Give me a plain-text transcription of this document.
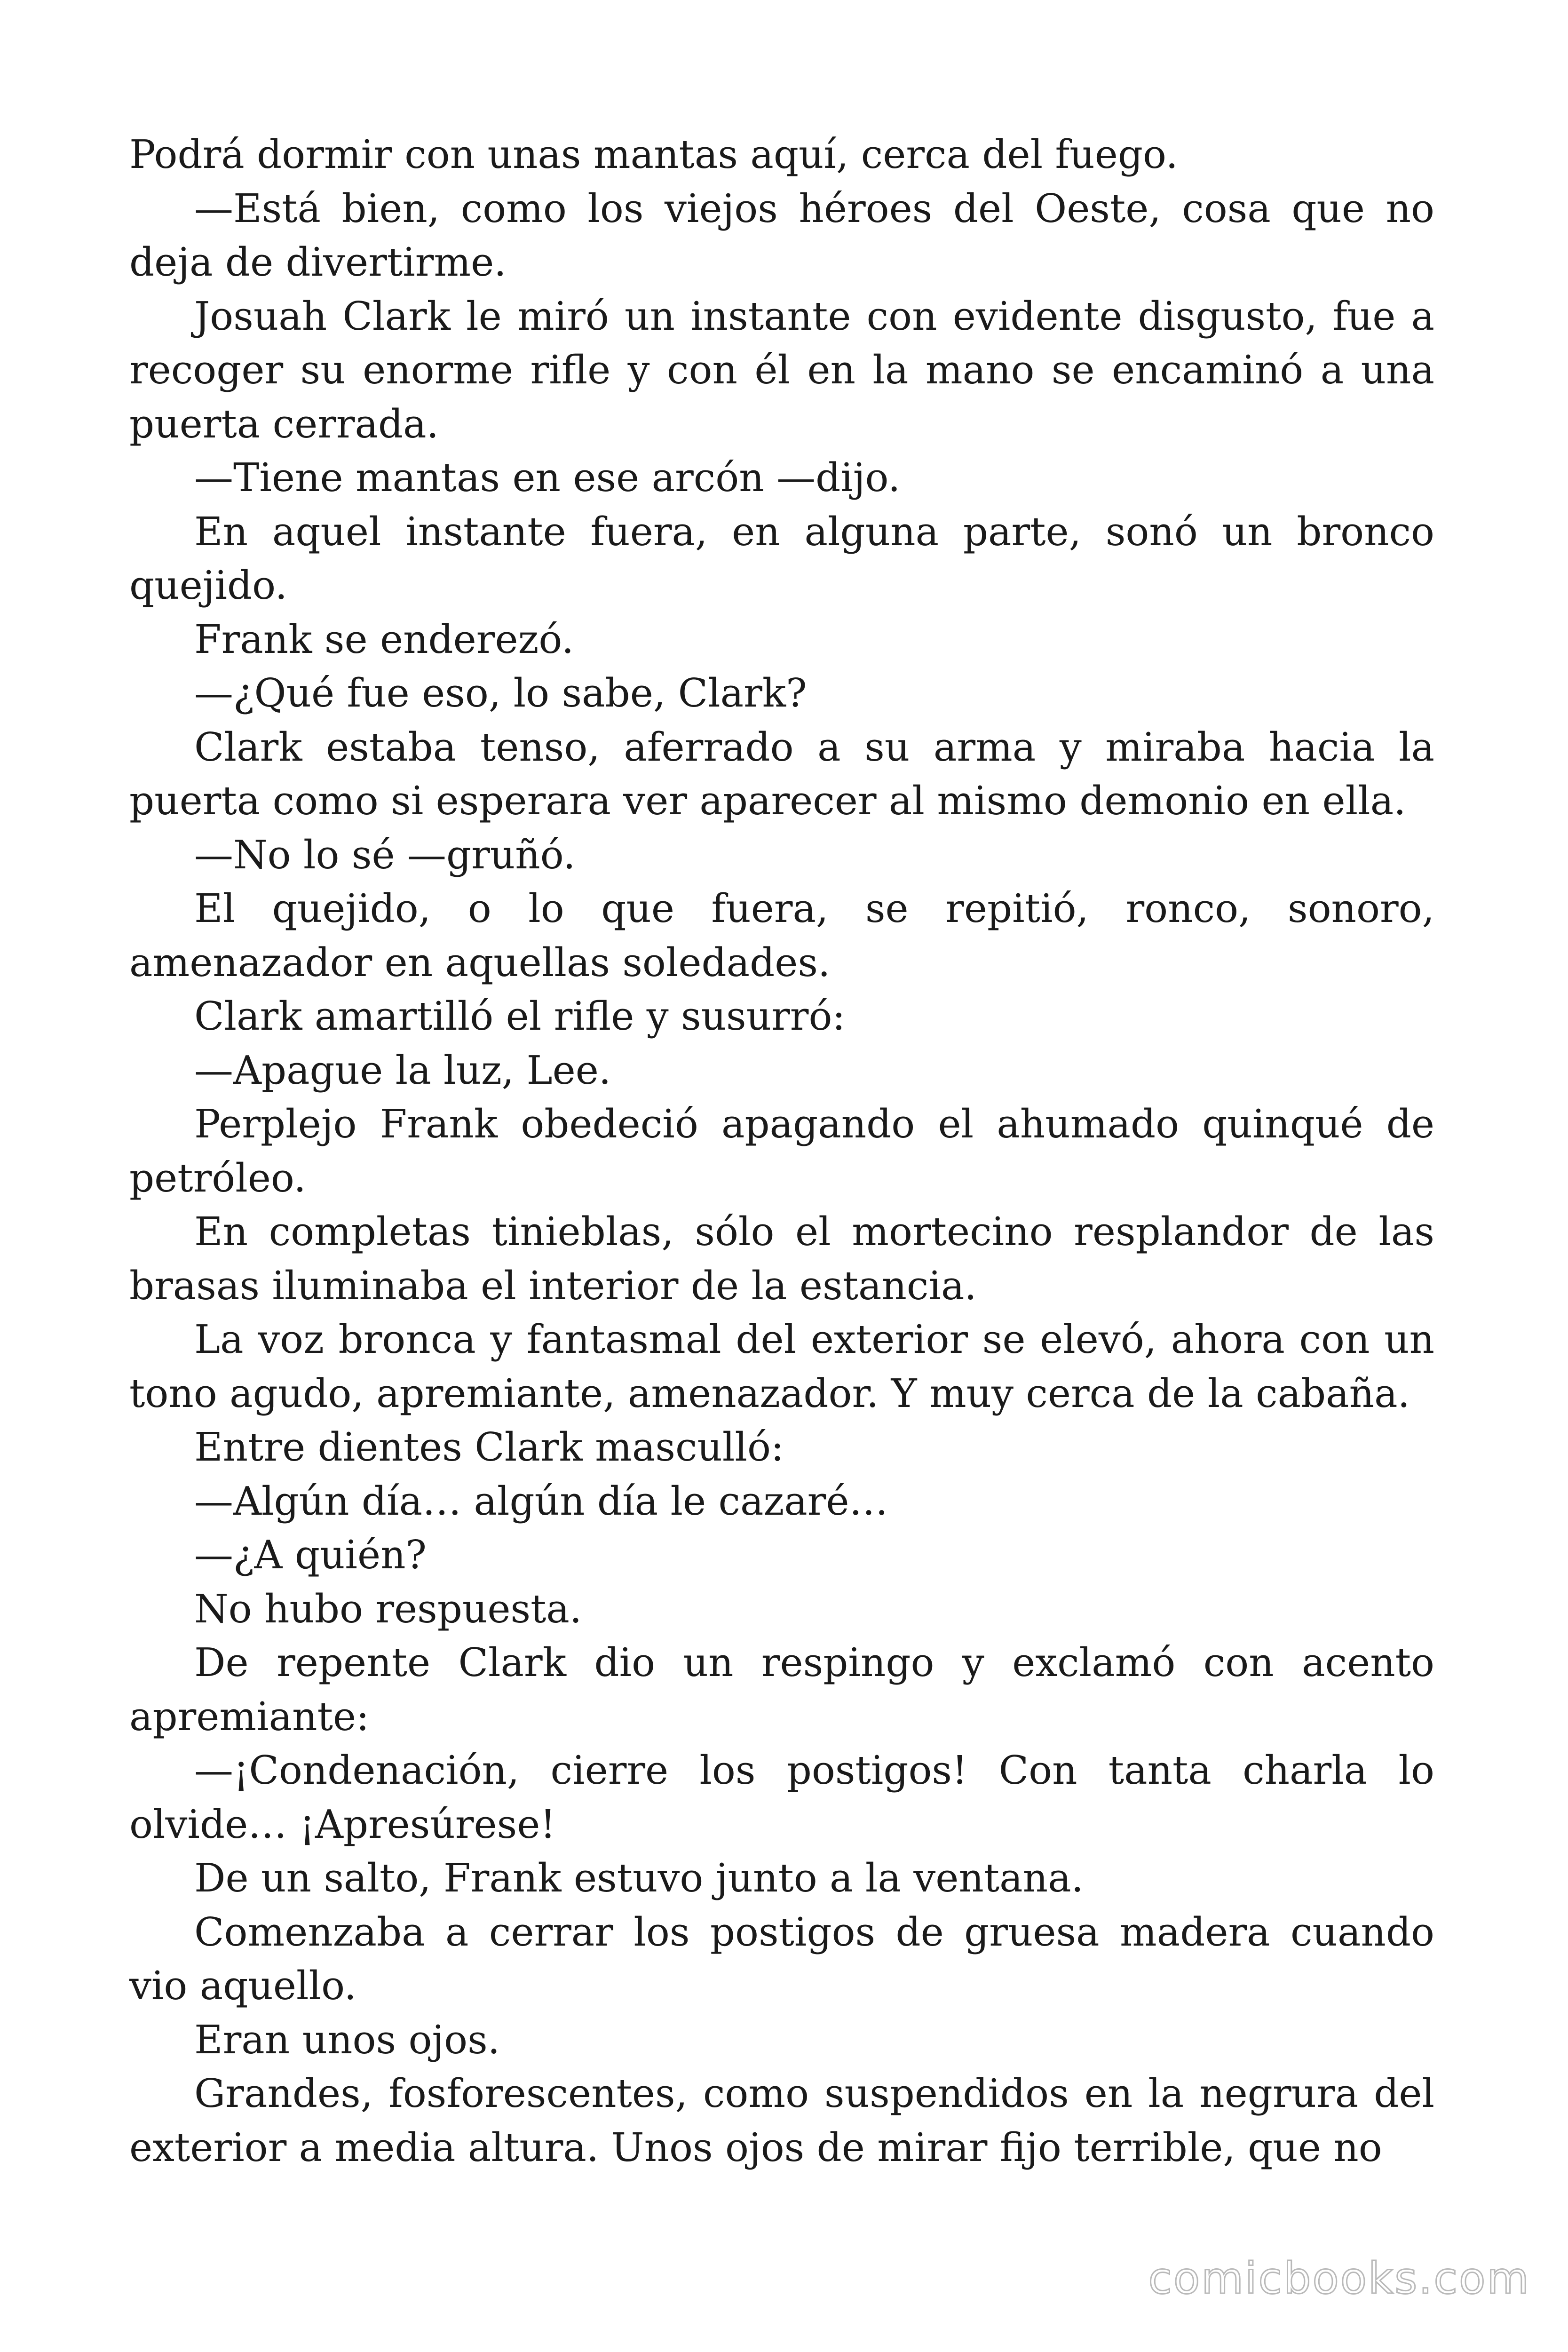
Podrá dormir con unas mantas aquí, cerca del fuego.

—Está bien, como los viejos héroes del Oeste, cosa que no deja de divertirme.

Josuah Clark le miró un instante con evidente disgusto, fue a recoger su enorme rifle y con él en la mano se encaminó a una puerta cerrada.

—Tiene mantas en ese arcón —dijo.

En aquel instante fuera, en alguna parte, sonó un bronco quejido.

Frank se enderezó.

—¿Qué fue eso, lo sabe, Clark?

Clark estaba tenso, aferrado a su arma y miraba hacia la puerta como si esperara ver aparecer al mismo demonio en ella.

—No lo sé —gruñó.

El quejido, o lo que fuera, se repitió, ronco, sonoro, amenazador en aquellas soledades.

Clark amartilló el rifle y susurró:

—Apague la luz, Lee.

Perplejo Frank obedeció apagando el ahumado quinqué de petróleo.

En completas tinieblas, sólo el mortecino resplandor de las brasas iluminaba el interior de la estancia.

La voz bronca y fantasmal del exterior se elevó, ahora con un tono agudo, apremiante, amenazador. Y muy cerca de la cabaña.

Entre dientes Clark masculló:

—Algún día… algún día le cazaré…

—¿A quién?

No hubo respuesta.

De repente Clark dio un respingo y exclamó con acento apremiante:

—¡Condenación, cierre los postigos! Con tanta charla lo olvide… ¡Apresúrese!

De un salto, Frank estuvo junto a la ventana.

Comenzaba a cerrar los postigos de gruesa madera cuando vio aquello.

Eran unos ojos.

Grandes, fosforescentes, como suspendidos en la negrura del exterior a media altura. Unos ojos de mirar fijo terrible, que no

comicbooks.com
